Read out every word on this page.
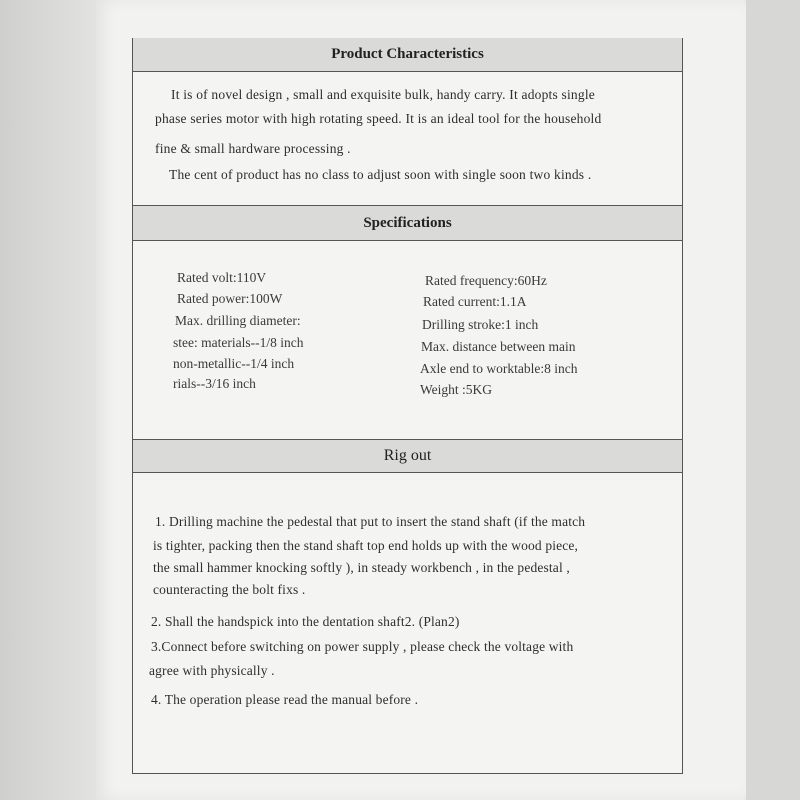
Product Characteristics
It is of novel design , small and exquisite bulk, handy carry. It adopts single
phase series motor with high rotating speed. It is an ideal tool for the household
fine & small hardware processing .
The cent of product has no class to adjust soon with single soon two kinds .
Specifications
Rated volt:110V
Rated power:100W
Max. drilling diameter:
stee: materials--1/8 inch
non-metallic--1/4 inch
rials--3/16 inch
Rated frequency:60Hz
Rated current:1.1A
Drilling stroke:1 inch
Max. distance between main
Axle end to worktable:8 inch
Weight :5KG
Rig out
1. Drilling machine the pedestal that put to insert the stand shaft (if the match
is tighter, packing then the stand shaft top end holds up with the wood piece,
the small hammer knocking softly ), in steady workbench , in the pedestal ,
counteracting the bolt fixs .
2. Shall the handspick into the dentation shaft2. (Plan2)
3.Connect before switching on power supply , please check the voltage with
agree with physically .
4. The operation please read the manual before .
